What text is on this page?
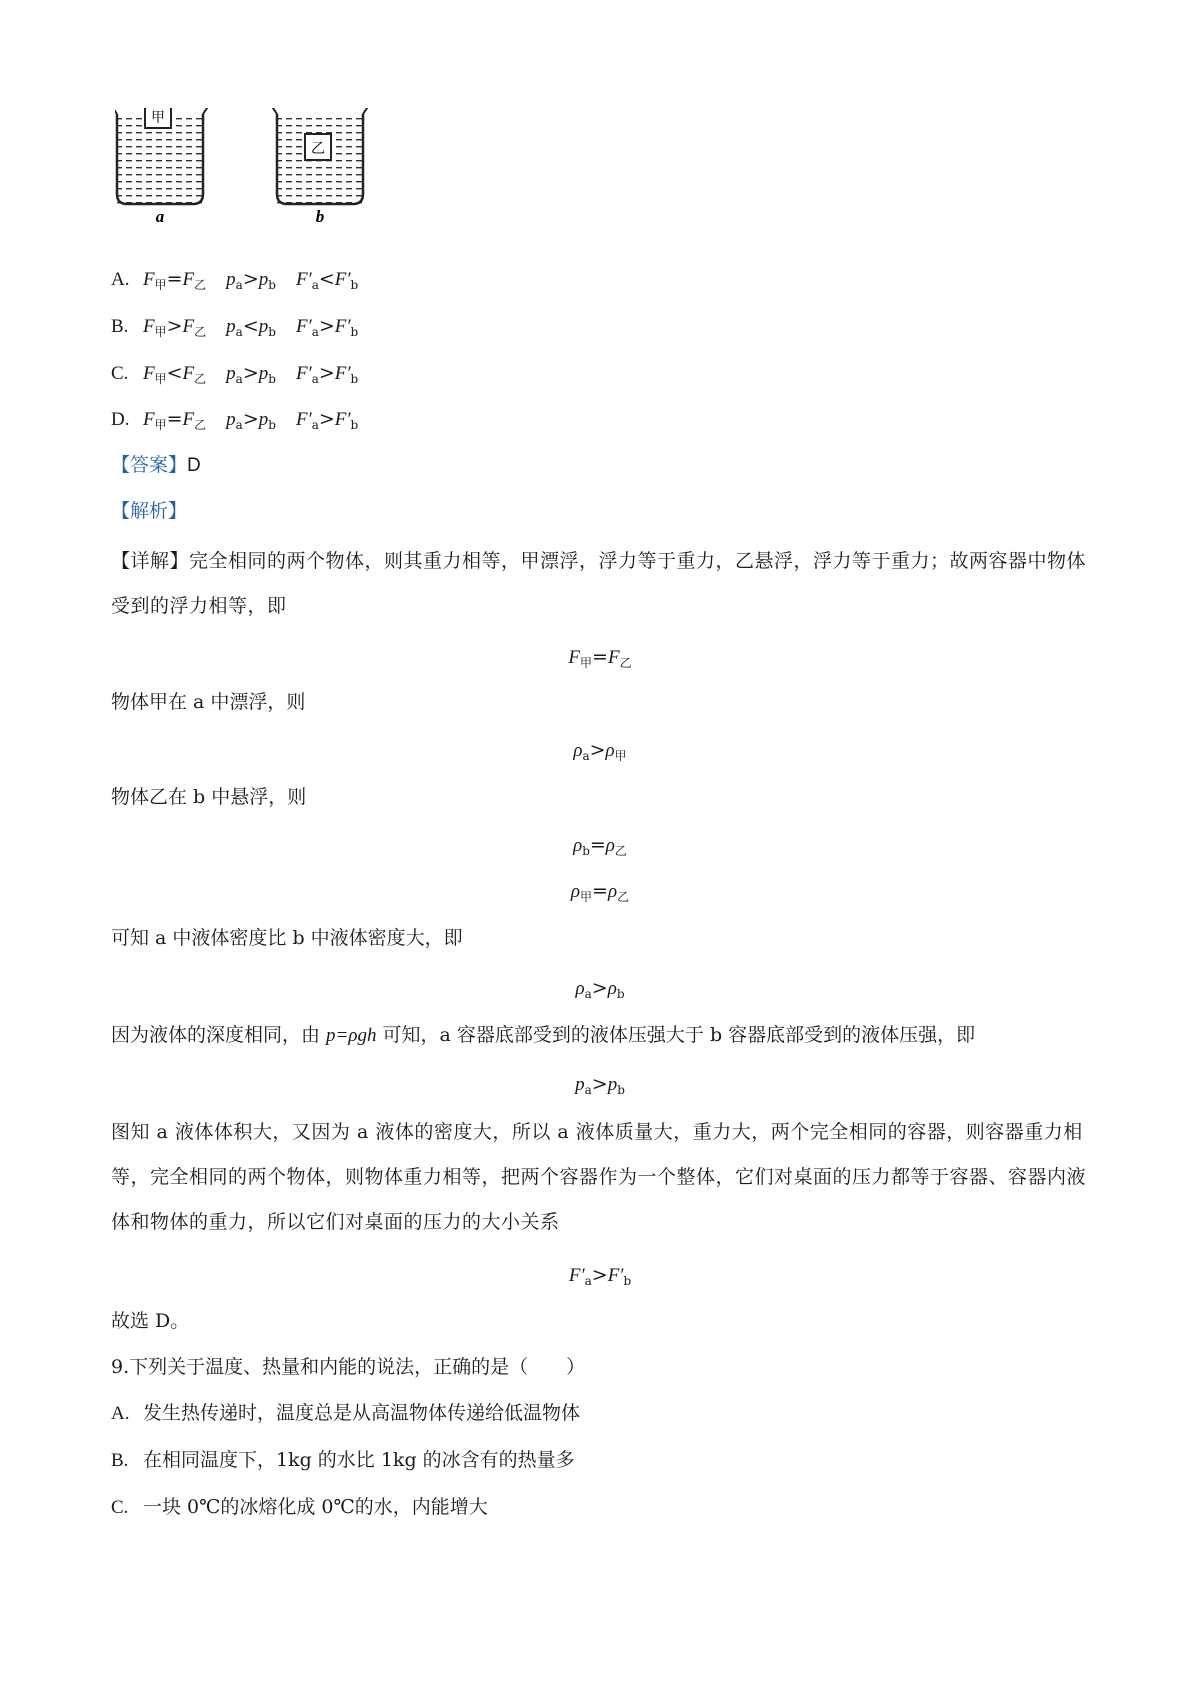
甲
a
乙
b
A. $F_甲=F_乙$ $p_a>p_b$ $F'_a<F'_b$
B. $F_甲>F_乙$ $p_a<p_b$ $F'_a>F'_b$
C. $F_甲<F_乙$ $p_a>p_b$ $F'_a>F'_b$
D. $F_甲=F_乙$ $p_a>p_b$ $F'_a>F'_b$
【答案】D
【解析】
【详解】完全相同的两个物体，则其重力相等，甲漂浮，浮力等于重力，乙悬浮，浮力等于重力；故两容器中物体受到的浮力相等，即
$F_甲=F_乙$
物体甲在 a 中漂浮，则
$\rho_a>\rho_甲$
物体乙在 b 中悬浮，则
$\rho_b=\rho_乙$
$\rho_甲=\rho_乙$
可知 a 中液体密度比 b 中液体密度大，即
$\rho_a>\rho_b$
因为液体的深度相同，由 p=ρgh 可知，a 容器底部受到的液体压强大于 b 容器底部受到的液体压强，即
$p_a>p_b$
图知 a 液体体积大，又因为 a 液体的密度大，所以 a 液体质量大，重力大，两个完全相同的容器，则容器重力相等，完全相同的两个物体，则物体重力相等，把两个容器作为一个整体，它们对桌面的压力都等于容器、容器内液体和物体的重力，所以它们对桌面的压力的大小关系
$F'_a>F'_b$
故选 D。
9.下列关于温度、热量和内能的说法，正确的是（　　）
A. 发生热传递时，温度总是从高温物体传递给低温物体
B. 在相同温度下，1kg 的水比 1kg 的冰含有的热量多
C. 一块 0℃的冰熔化成 0℃的水，内能增大
